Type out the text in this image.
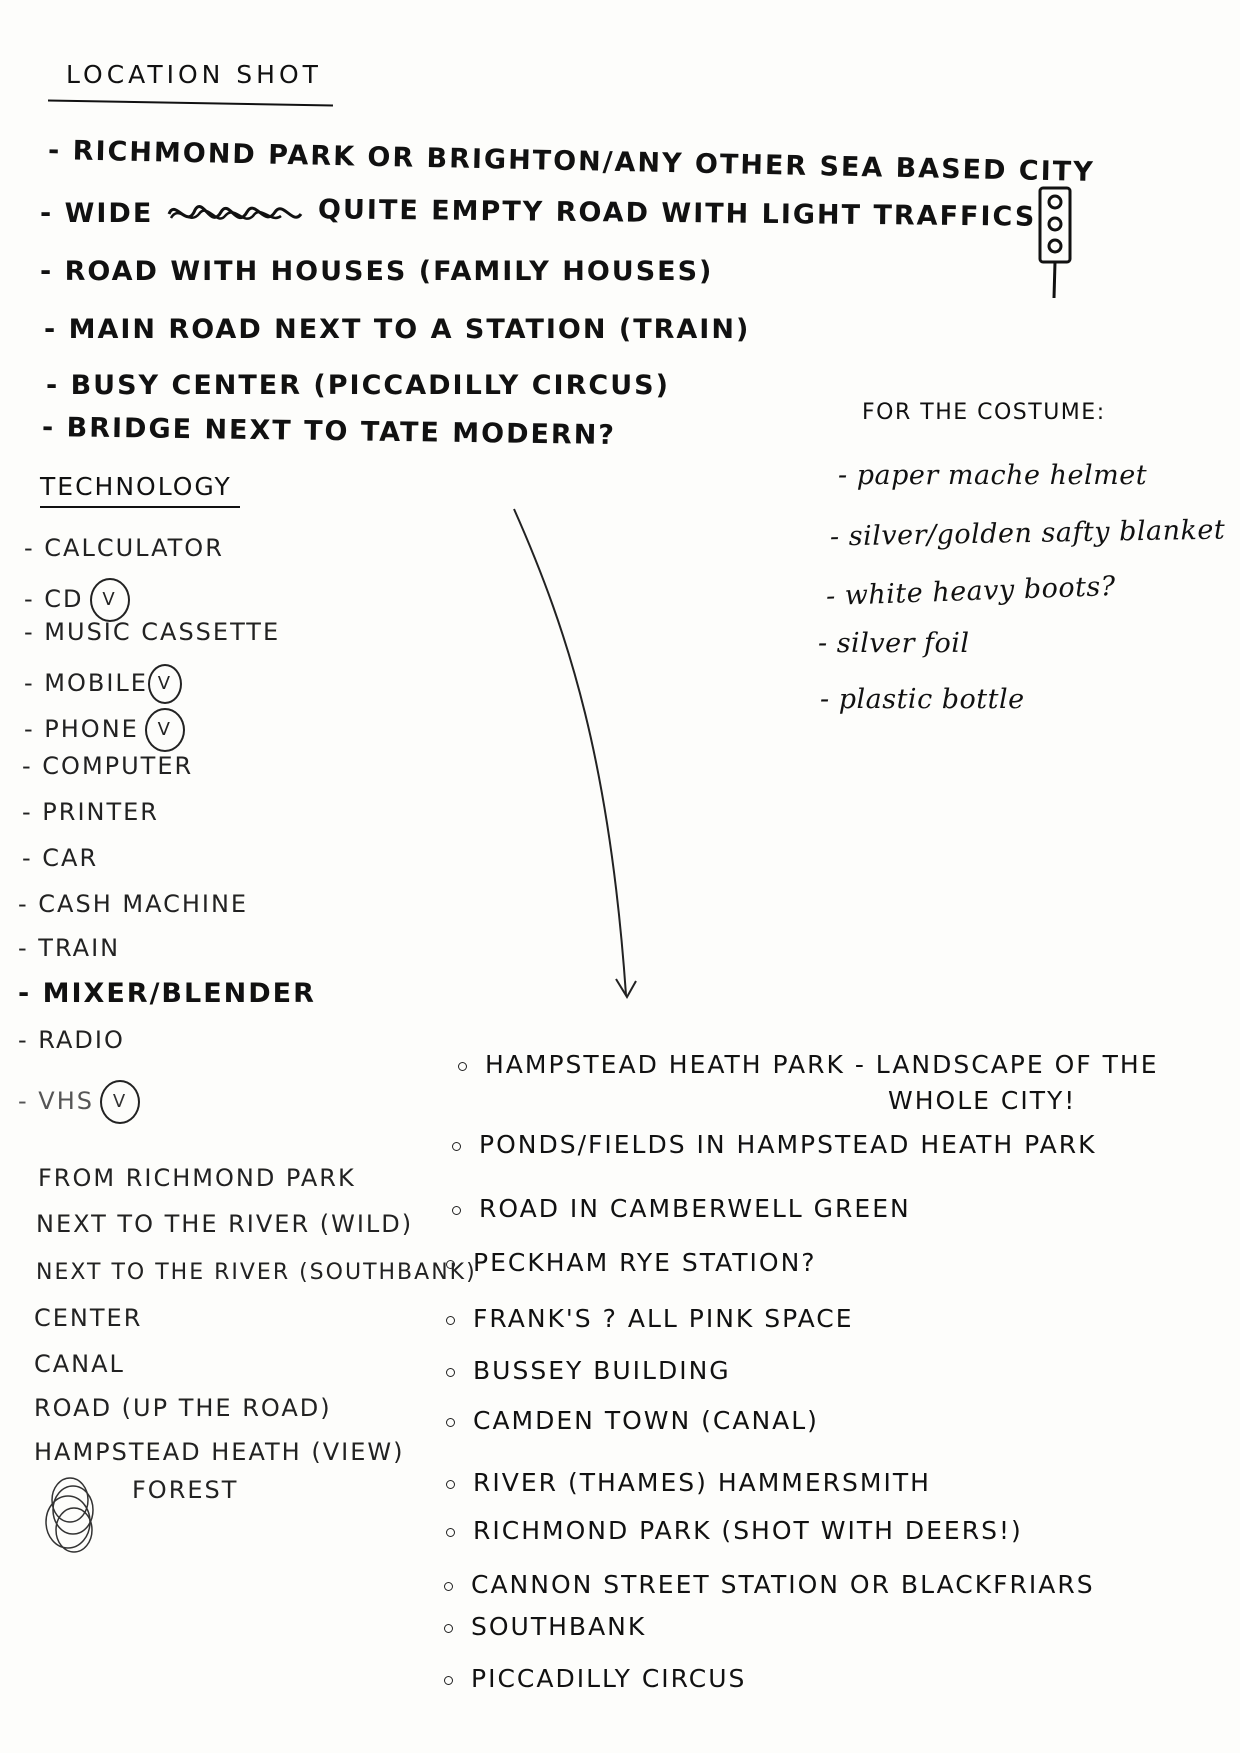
LOCATION SHOT
- RICHMOND PARK OR BRIGHTON/ANY OTHER SEA BASED CITY
- WIDE	QUITE EMPTY ROAD WITH LIGHT TRAFFICS
- ROAD WITH HOUSES (FAMILY HOUSES)
- MAIN ROAD NEXT TO A STATION (TRAIN)
- BUSY CENTER (PICCADILLY CIRCUS)
- BRIDGE NEXT TO TATE MODERN?
TECHNOLOGY
- CALCULATOR
- CD V
- MUSIC CASSETTE
- MOBILE V
- PHONE V
- COMPUTER
- PRINTER
- CAR
- CASH MACHINE
- TRAIN
- MIXER/BLENDER
- RADIO
- VHS V
FOR THE COSTUME:
- paper mache helmet
- silver/golden safty blanket
- white heavy boots?
- silver foil
- plastic bottle
FROM RICHMOND PARK
NEXT TO THE RIVER (WILD)
NEXT TO THE RIVER (SOUTHBANK)
CENTER
CANAL
ROAD (UP THE ROAD)
HAMPSTEAD HEATH (VIEW)
FOREST
HAMPSTEAD HEATH PARK - LANDSCAPE OF THE
WHOLE CITY!
PONDS/FIELDS IN HAMPSTEAD HEATH PARK
ROAD IN CAMBERWELL GREEN
PECKHAM RYE STATION?
FRANK'S ? ALL PINK SPACE
BUSSEY BUILDING
CAMDEN TOWN (CANAL)
RIVER (THAMES) HAMMERSMITH
RICHMOND PARK (SHOT WITH DEERS!)
CANNON STREET STATION OR BLACKFRIARS
SOUTHBANK
PICCADILLY CIRCUS
